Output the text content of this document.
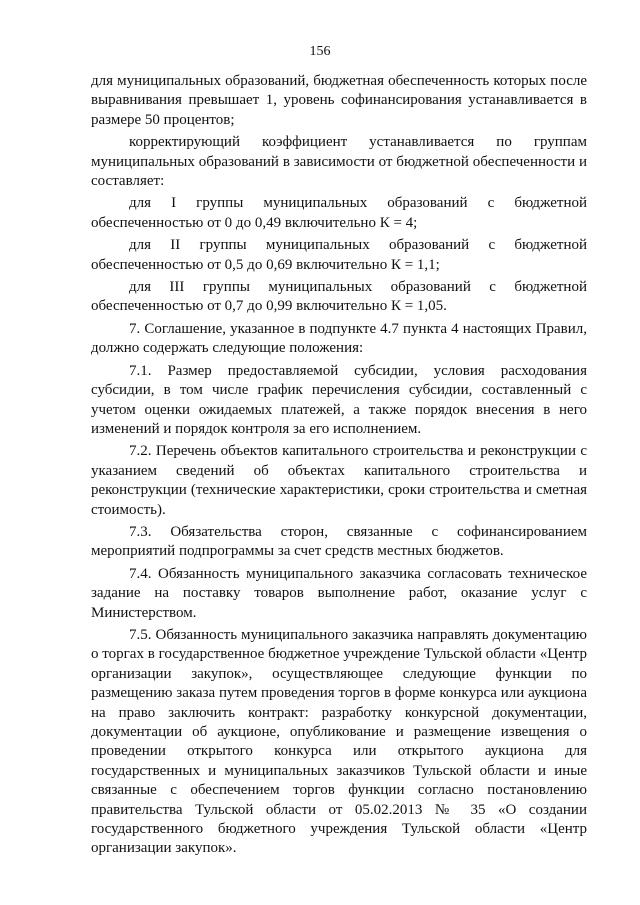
156

для муниципальных образований, бюджетная обеспеченность которых после выравнивания превышает 1, уровень софинансирования устанавливается в размере 50 процентов;

корректирующий коэффициент устанавливается по группам муниципальных образований в зависимости от бюджетной обеспеченности и составляет:

для I группы муниципальных образований с бюджетной обеспеченностью от 0 до 0,49 включительно К = 4;

для II группы муниципальных образований с бюджетной обеспеченностью от 0,5 до 0,69 включительно К = 1,1;

для III группы муниципальных образований с бюджетной обеспеченностью от 0,7 до 0,99 включительно К = 1,05.

7. Соглашение, указанное в подпункте 4.7 пункта 4 настоящих Правил, должно содержать следующие положения:

7.1. Размер предоставляемой субсидии, условия расходования субсидии, в том числе график перечисления субсидии, составленный с учетом оценки ожидаемых платежей, а также порядок внесения в него изменений и порядок контроля за его исполнением.

7.2. Перечень объектов капитального строительства и реконструкции с указанием сведений об объектах капитального строительства и реконструкции (технические характеристики, сроки строительства и сметная стоимость).

7.3. Обязательства сторон, связанные с софинансированием мероприятий подпрограммы за счет средств местных бюджетов.

7.4. Обязанность муниципального заказчика согласовать техническое задание на поставку товаров выполнение работ, оказание услуг с Министерством.

7.5. Обязанность муниципального заказчика направлять документацию о торгах в государственное бюджетное учреждение Тульской области «Центр организации закупок», осуществляющее следующие функции по размещению заказа путем проведения торгов в форме конкурса или аукциона на право заключить контракт: разработку конкурсной документации, документации об аукционе, опубликование и размещение извещения о проведении открытого конкурса или открытого аукциона для государственных и муниципальных заказчиков Тульской области и иные связанные с обеспечением торгов функции согласно постановлению правительства Тульской области от 05.02.2013 № 35 «О создании государственного бюджетного учреждения Тульской области «Центр организации закупок».
